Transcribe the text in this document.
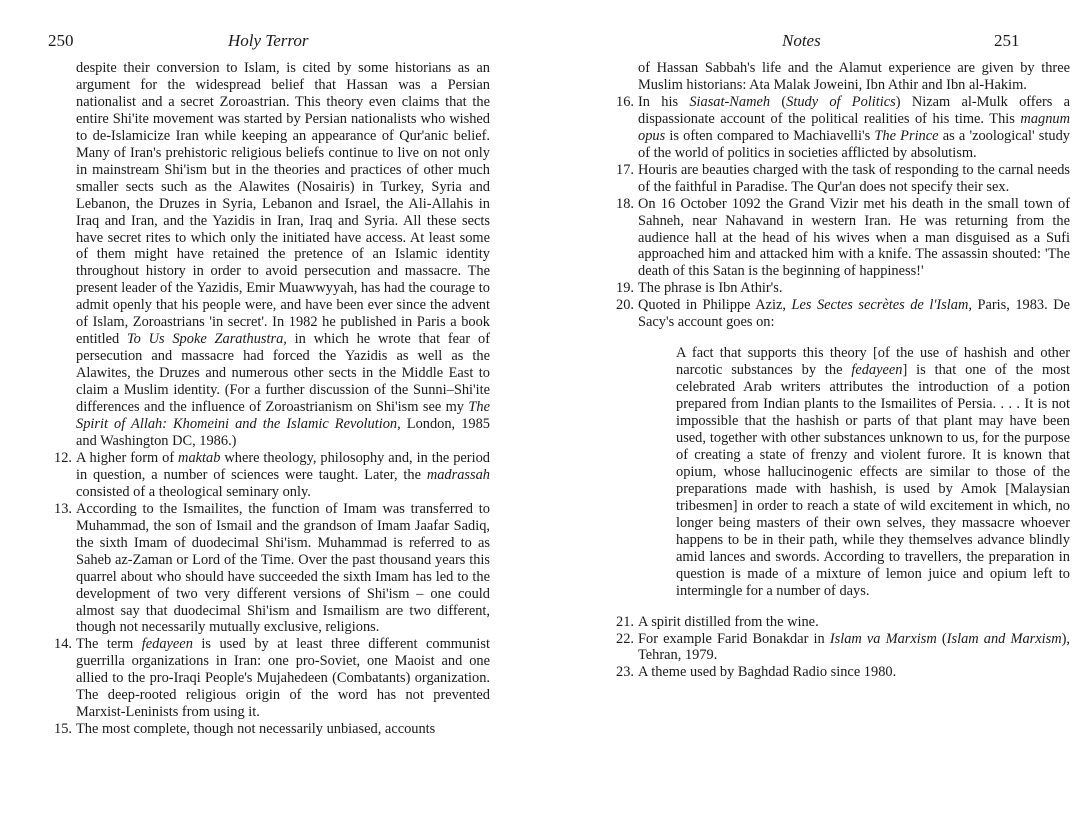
250	Holy Terror

despite their conversion to Islam, is cited by some historians as an argument for the widespread belief that Hassan was a Persian nationalist and a secret Zoroastrian. This theory even claims that the entire Shi'ite movement was started by Persian nationalists who wished to de-Islamicize Iran while keeping an appearance of Qur'anic belief. Many of Iran's prehistoric religious beliefs continue to live on not only in mainstream Shi'ism but in the theories and practices of other much smaller sects such as the Alawites (Nosairis) in Turkey, Syria and Lebanon, the Druzes in Syria, Lebanon and Israel, the Ali-Allahis in Iraq and Iran, and the Yazidis in Iran, Iraq and Syria. All these sects have secret rites to which only the initiated have access. At least some of them might have retained the pretence of an Islamic identity throughout history in order to avoid persecution and massacre. The present leader of the Yazidis, Emir Muawwyyah, has had the courage to admit openly that his people were, and have been ever since the advent of Islam, Zoroastrians 'in secret'. In 1982 he published in Paris a book entitled To Us Spoke Zarathustra, in which he wrote that fear of persecution and massacre had forced the Yazidis as well as the Alawites, the Druzes and numerous other sects in the Middle East to claim a Muslim identity. (For a further discussion of the Sunni–Shi'ite differences and the influence of Zoroastrianism on Shi'ism see my The Spirit of Allah: Khomeini and the Islamic Revolution, London, 1985 and Washington DC, 1986.)

12. A higher form of maktab where theology, philosophy and, in the period in question, a number of sciences were taught. Later, the madrassah consisted of a theological seminary only.

13. According to the Ismailites, the function of Imam was transferred to Muhammad, the son of Ismail and the grandson of Imam Jaafar Sadiq, the sixth Imam of duodecimal Shi'ism. Muhammad is referred to as Saheb az-Zaman or Lord of the Time. Over the past thousand years this quarrel about who should have succeeded the sixth Imam has led to the development of two very different versions of Shi'ism – one could almost say that duodecimal Shi'ism and Ismailism are two different, though not necessarily mutually exclusive, religions.

14. The term fedayeen is used by at least three different communist guerrilla organizations in Iran: one pro-Soviet, one Maoist and one allied to the pro-Iraqi People's Mujahedeen (Combatants) organization. The deep-rooted religious origin of the word has not prevented Marxist-Leninists from using it.

15. The most complete, though not necessarily unbiased, accounts

Notes	251

of Hassan Sabbah's life and the Alamut experience are given by three Muslim historians: Ata Malak Joweini, Ibn Athir and Ibn al-Hakim.

16. In his Siasat-Nameh (Study of Politics) Nizam al-Mulk offers a dispassionate account of the political realities of his time. This magnum opus is often compared to Machiavelli's The Prince as a 'zoological' study of the world of politics in societies afflicted by absolutism.

17. Houris are beauties charged with the task of responding to the carnal needs of the faithful in Paradise. The Qur'an does not specify their sex.

18. On 16 October 1092 the Grand Vizir met his death in the small town of Sahneh, near Nahavand in western Iran. He was returning from the audience hall at the head of his wives when a man disguised as a Sufi approached him and attacked him with a knife. The assassin shouted: 'The death of this Satan is the beginning of happiness!'

19. The phrase is Ibn Athir's.

20. Quoted in Philippe Aziz, Les Sectes secrètes de l'Islam, Paris, 1983. De Sacy's account goes on:

A fact that supports this theory [of the use of hashish and other narcotic substances by the fedayeen] is that one of the most celebrated Arab writers attributes the introduction of a potion prepared from Indian plants to the Ismailites of Persia. . . . It is not impossible that the hashish or parts of that plant may have been used, together with other substances unknown to us, for the purpose of creating a state of frenzy and violent furore. It is known that opium, whose hallucinogenic effects are similar to those of the preparations made with hashish, is used by Amok [Malaysian tribesmen] in order to reach a state of wild excitement in which, no longer being masters of their own selves, they massacre whoever happens to be in their path, while they themselves advance blindly amid lances and swords. According to travellers, the preparation in question is made of a mixture of lemon juice and opium left to intermingle for a number of days.

21. A spirit distilled from the wine.

22. For example Farid Bonakdar in Islam va Marxism (Islam and Marxism), Tehran, 1979.

23. A theme used by Baghdad Radio since 1980.
